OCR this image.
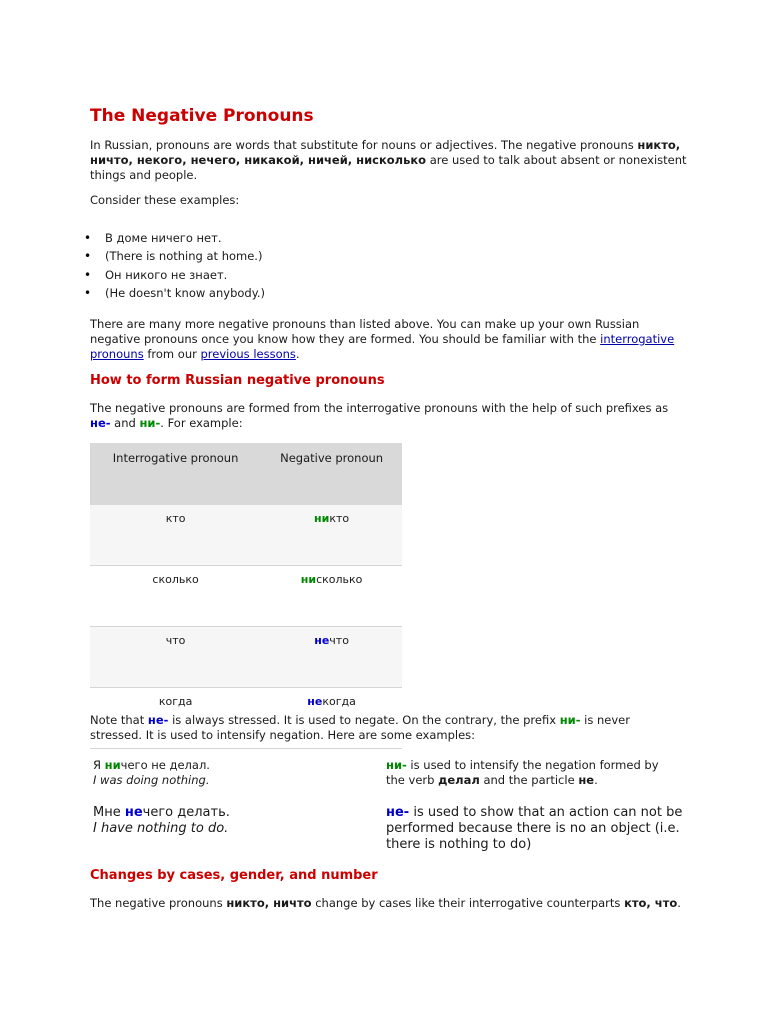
The Negative Pronouns

In Russian, pronouns are words that substitute for nouns or adjectives. The negative pronouns никто, ничто, некого, нечего, никакой, ничей, нисколько are used to talk about absent or nonexistent things and people.

Consider these examples:

• В доме ничего нет.
• (There is nothing at home.)
• Он никого не знает.
• (He doesn't know anybody.)

There are many more negative pronouns than listed above. You can make up your own Russian negative pronouns once you know how they are formed. You should be familiar with the interrogative pronouns from our previous lessons.

How to form Russian negative pronouns

The negative pronouns are formed from the interrogative pronouns with the help of such prefixes as не- and ни-. For example:

Interrogative pronoun	Negative pronoun
кто	никто
сколько	нисколько
что	нечто
когда	некогда

Note that не- is always stressed. It is used to negate. On the contrary, the prefix ни- is never stressed. It is used to intensify negation. Here are some examples:

Я ничего не делал.
I was doing nothing.
ни- is used to intensify the negation formed by the verb делал and the particle не.
Мне нечего делать.
I have nothing to do.
не- is used to show that an action can not be performed because there is no an object (i.e. there is nothing to do)
Changes by cases, gender, and number

The negative pronouns никто, ничто change by cases like their interrogative counterparts кто, что.
